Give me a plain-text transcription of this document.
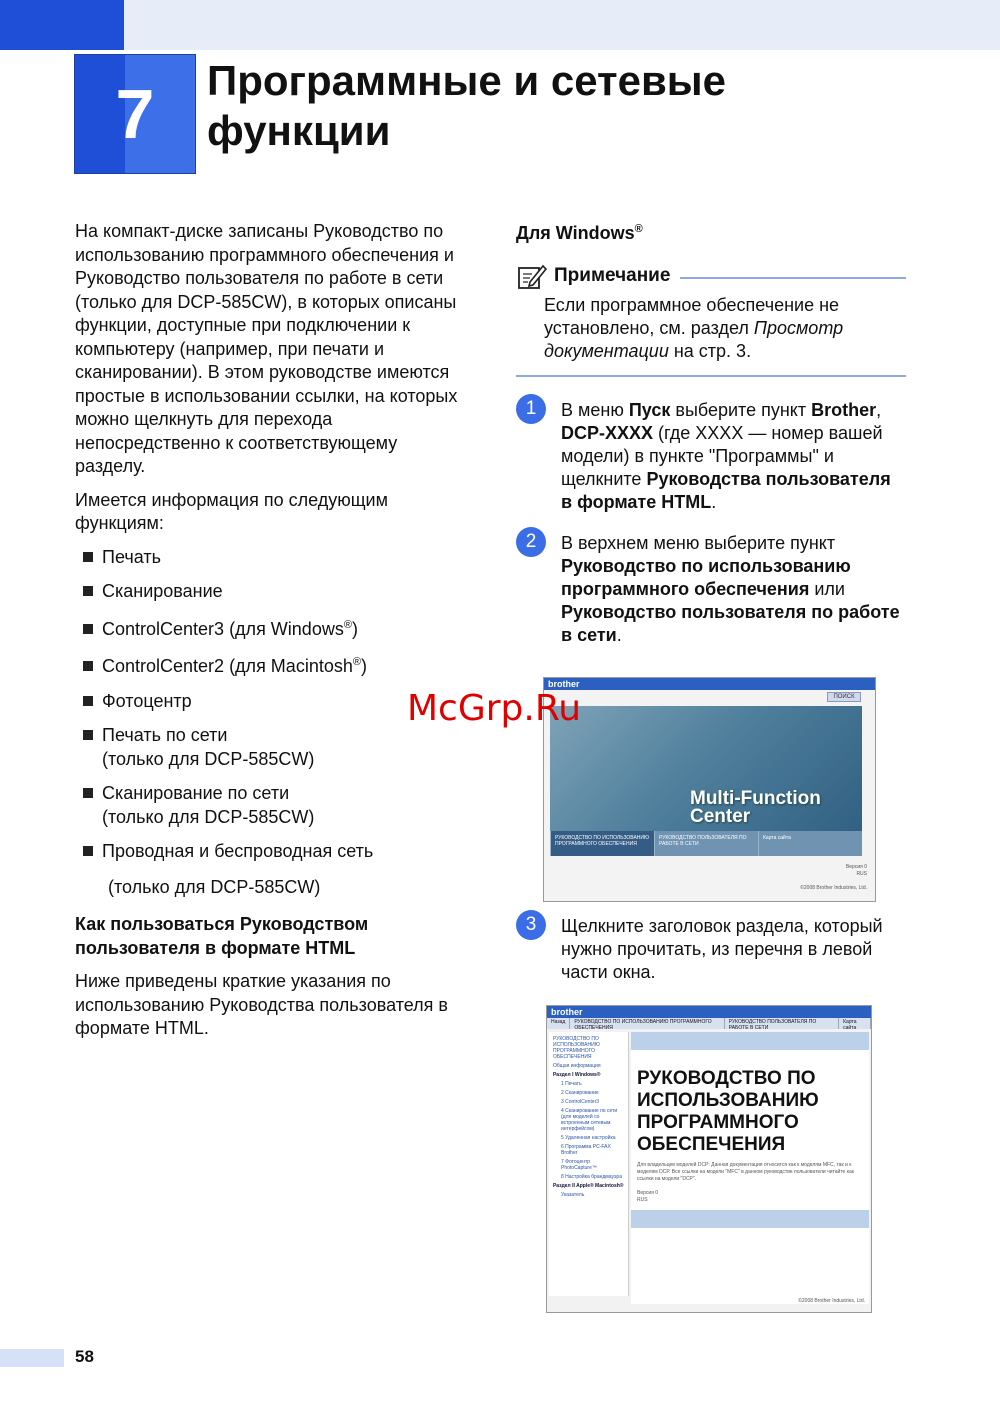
7	Программные и сетевые
функции

На компакт-диске записаны Руководство по использованию программного обеспечения и Руководство пользователя по работе в сети (только для DCP-585CW), в которых описаны функции, доступные при подключении к компьютеру (например, при печати и сканировании). В этом руководстве имеются простые в использовании ссылки, на которых можно щелкнуть для перехода непосредственно к соответствующему разделу.

Имеется информация по следующим функциям:

Печать
Сканирование
ControlCenter3 (для Windows®)
ControlCenter2 (для Macintosh®)
Фотоцентр
Печать по сети
(только для DCP-585CW)
Сканирование по сети
(только для DCP-585CW)
Проводная и беспроводная сеть

(только для DCP-585CW)

Как пользоваться Руководством пользователя в формате HTML

Ниже приведены краткие указания по использованию Руководства пользователя в формате HTML.

Для Windows®
Примечание
Если программное обеспечение не установлено, см. раздел Просмотр документации на стр. 3.
1	В меню Пуск выберите пункт Brother, DCP-XXXX (где XXXX — номер вашей модели) в пункте "Программы" и щелкните Руководства пользователя в формате HTML.
2	В верхнем меню выберите пункт Руководство по использованию программного обеспечения или Руководство пользователя по работе в сети.
3	Щелкните заголовок раздела, который нужно прочитать, из перечня в левой части окна.
brother
ПОИСК
Multi-Function
Center
РУКОВОДСТВО ПО ИСПОЛЬЗОВАНИЮ ПРОГРАММНОГО ОБЕСПЕЧЕНИЯ
РУКОВОДСТВО ПОЛЬЗОВАТЕЛЯ ПО РАБОТЕ В СЕТИ
Карта сайта
Версия 0
RUS

©2008 Brother Industries, Ltd.
brother
Назад	РУКОВОДСТВО ПО ИСПОЛЬЗОВАНИЮ ПРОГРАММНОГО ОБЕСПЕЧЕНИЯ
РУКОВОДСТВО ПОЛЬЗОВАТЕЛЯ ПО РАБОТЕ В СЕТИ
Карта сайта
РУКОВОДСТВО ПО ИСПОЛЬЗОВАНИЮ ПРОГРАММНОГО ОБЕСПЕЧЕНИЯ
Общая информация
Раздел I Windows®
1 Печать
2 Сканирование
3 ControlCenter3
4 Сканирование по сети (для моделей со встроенным сетевым интерфейсом)
5 Удаленная настройка
6 Программа PC-FAX Brother
7 Фотоцентр PhotoCapture™
8 Настройка брандмауэра
Раздел II Apple® Macintosh®
Указатель
РУКОВОДСТВО ПО ИСПОЛЬЗОВАНИЮ ПРОГРАММНОГО ОБЕСПЕЧЕНИЯ
Для владельцев моделей DCP: Данная документация относится как к моделям MFC, так и к моделям DCP. Все ссылки на модели "MFC" в данном руководстве пользователи читайте как ссылки на модели "DCP".

Версия 0
RUS
©2008 Brother Industries, Ltd.
McGrp.Ru
58
